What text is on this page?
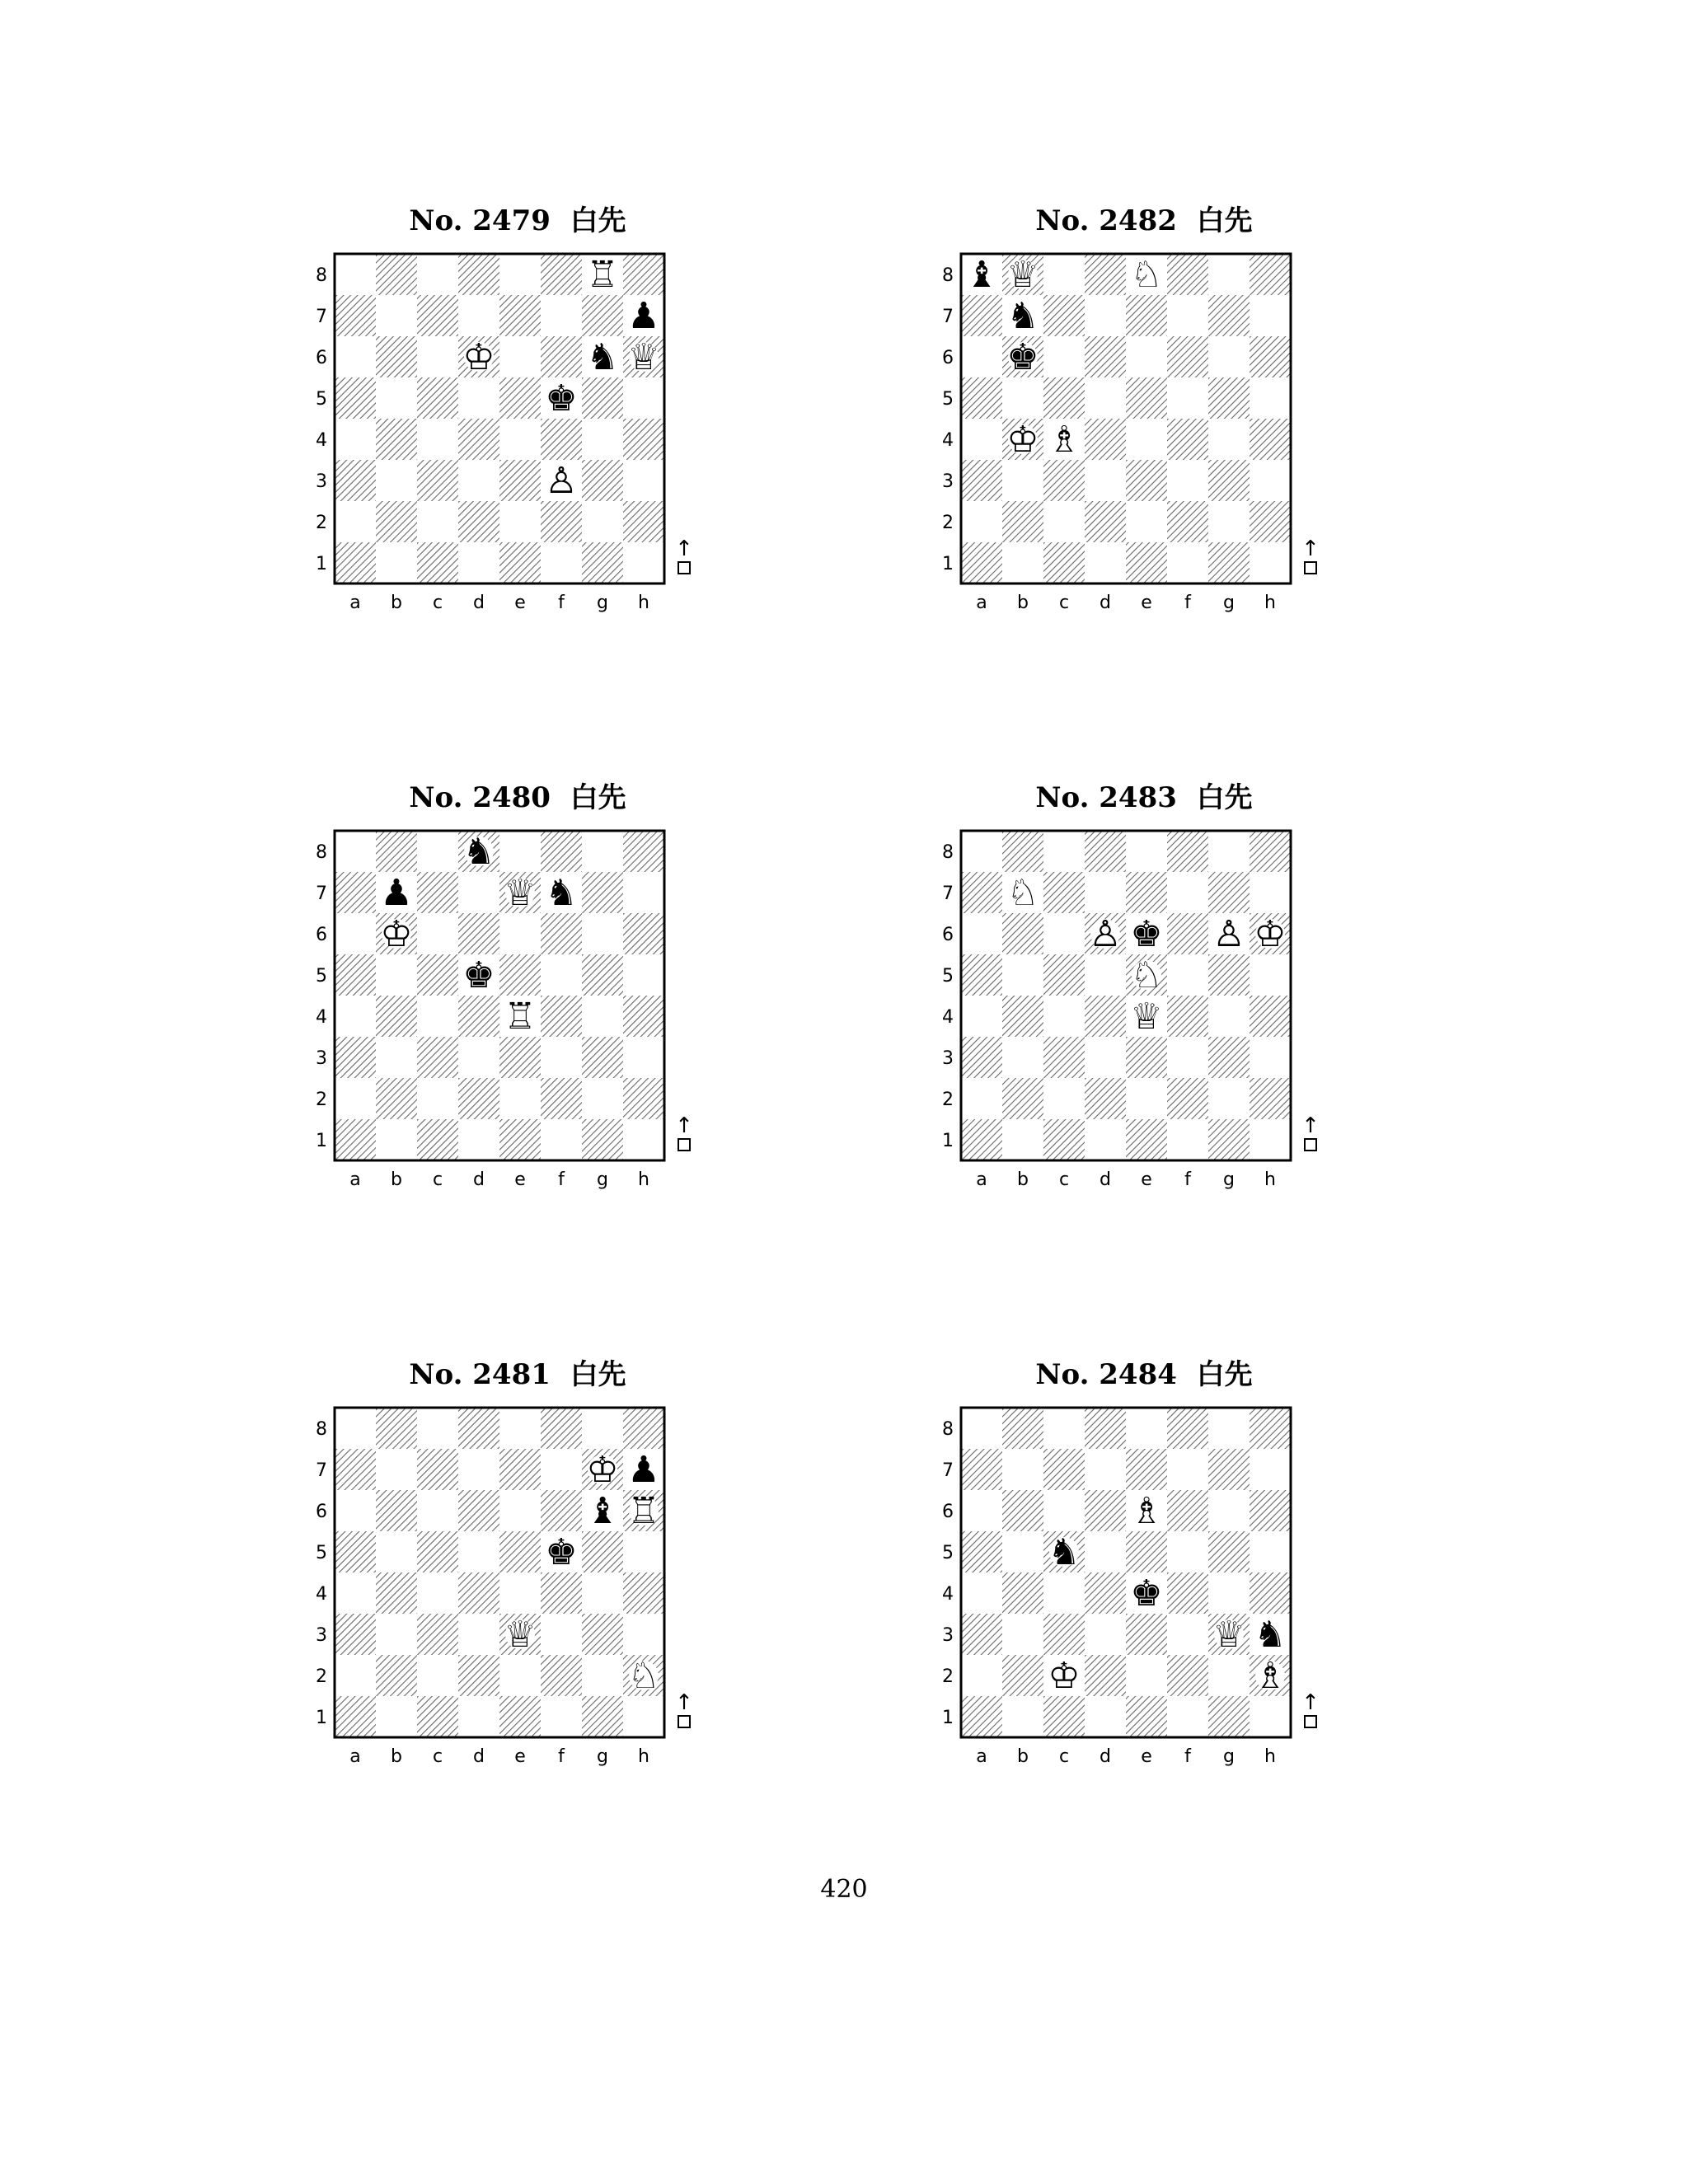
No. 2479 白先
8
7
6
5
4
3
2
1
a b c d e f g h
↑
♖
♟
♔	♞ ♕
♚
♙
No. 2480 白先
8
7
6
5
4
3
2
1
a b c d e f g h
↑
♞
♟	♕ ♞
♔
♚
♖
No. 2481 白先
8
7
6
5
4
3
2
1
a b c d e f g h
↑
♔ ♟
♝ ♖
♚
♕
♘
No. 2482 白先
8
7
6
5
4
3
2
1
a b c d e f g h
↑
♝ ♕	♘
♞
♚
♔ ♗
No. 2483 白先
8
7
6
5
4
3
2
1
a b c d e f g h
↑
♘
♙ ♚ ♙ ♔
♘
♕
No. 2484 白先
8
7
6
5
4
3
2
1
a b c d e f g h
↑
♗
♞
♚
♕ ♞
♔	♗
420
